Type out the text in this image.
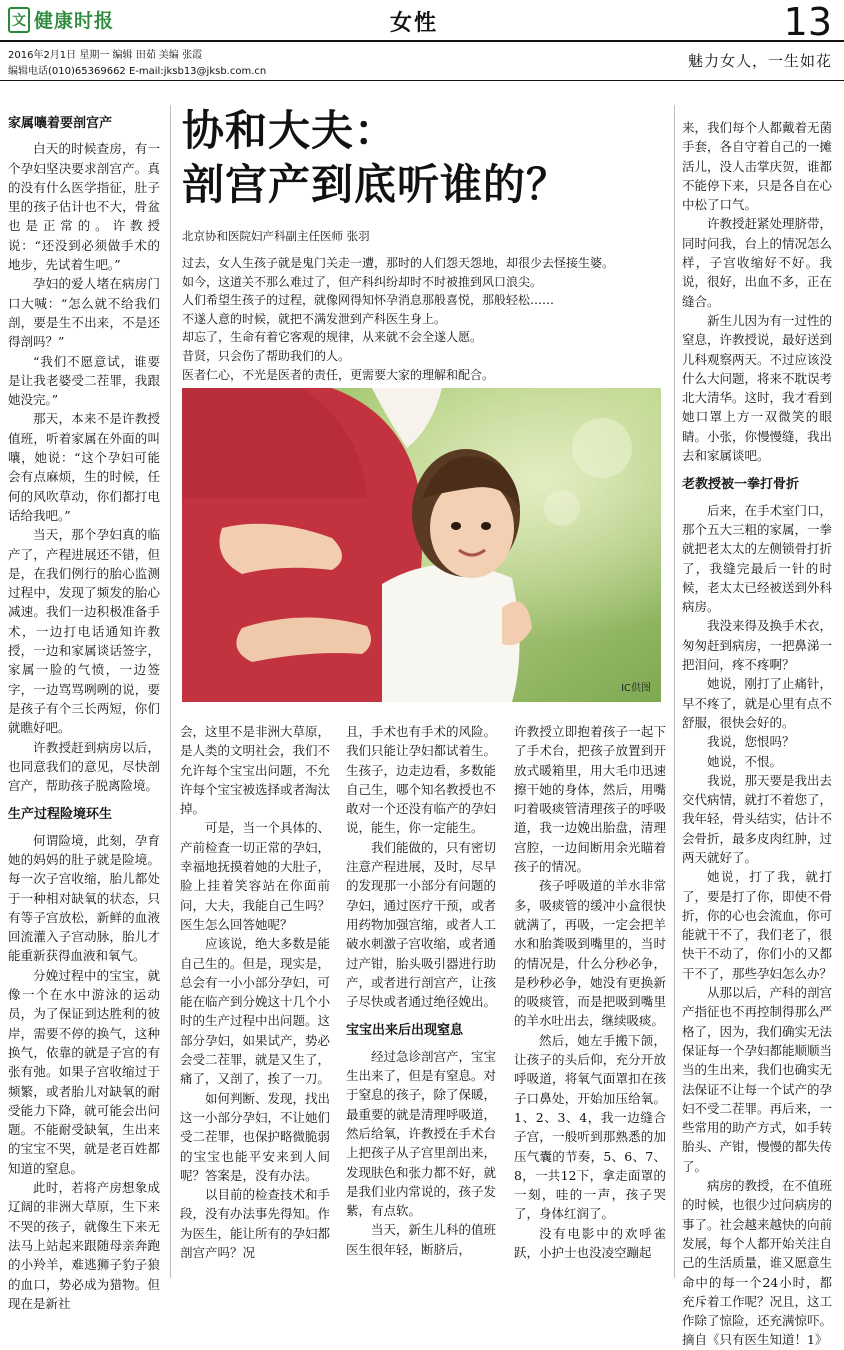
文 健康时报	女性	13
2016年2月1日 星期一 编辑 田茹 美编 张霞
编辑电话(010)65369662 E-mail:jksb13@jksb.com.cn
魅力女人，一生如花
家属嚷着要剖宫产

白天的时候查房，有一个孕妇坚决要求剖宫产。真的没有什么医学指征，肚子里的孩子估计也不大，骨盆也是正常的。许教授说：“还没到必须做手术的地步，先试着生吧。”

孕妇的爱人堵在病房门口大喊：“怎么就不给我们剖，要是生不出来，不是还得剖吗？”

“我们不愿意试，谁要是让我老婆受二茬罪，我跟她没完。”

那天，本来不是许教授值班，听着家属在外面的叫嚷，她说：“这个孕妇可能会有点麻烦，生的时候，任何的风吹草动，你们都打电话给我吧。”

当天，那个孕妇真的临产了，产程进展还不错，但是，在我们例行的胎心监测过程中，发现了频发的胎心减速。我们一边积极准备手术，一边打电话通知许教授，一边和家属谈话签字，家属一脸的气愤，一边签字，一边骂骂咧咧的说，要是孩子有个三长两短，你们就瞧好吧。

许教授赶到病房以后，也同意我们的意见，尽快剖宫产，帮助孩子脱离险境。

生产过程险境环生

何谓险境，此刻，孕育她的妈妈的肚子就是险境。每一次子宫收缩，胎儿都处于一种相对缺氧的状态，只有等子宫放松，新鲜的血液回流灌入子宫动脉，胎儿才能重新获得血液和氧气。

分娩过程中的宝宝，就像一个在水中游泳的运动员，为了保证到达胜利的彼岸，需要不停的换气，这种换气，依靠的就是子宫的有张有弛。如果子宫收缩过于频繁，或者胎儿对缺氧的耐受能力下降，就可能会出问题。不能耐受缺氧，生出来的宝宝不哭，就是老百姓都知道的窒息。

此时，若将产房想象成辽阔的非洲大草原，生下来不哭的孩子，就像生下来无法马上站起来跟随母亲奔跑的小羚羊，难逃狮子豹子狼的血口，势必成为猎物。但现在是新社

协和大夫：
剖宫产到底听谁的？
北京协和医院妇产科副主任医师 张羽
过去，女人生孩子就是鬼门关走一遭，那时的人们怨天怨地，却很少去怪接生婆。
如今，这道关不那么难过了，但产科纠纷却时不时被推到风口浪尖。
人们希望生孩子的过程，就像网得知怀孕消息那般喜悦，那般轻松……
不遂人意的时候，就把不满发泄到产科医生身上。
却忘了，生命有着它客观的规律，从来就不会全遂人愿。
昔贤，只会伤了帮助我们的人。
医者仁心，不光是医者的责任，更需要大家的理解和配合。
IC供图

会，这里不是非洲大草原，是人类的文明社会，我们不允许每个宝宝出问题，不允许每个宝宝被选择或者淘汰掉。

可是，当一个具体的、产前检查一切正常的孕妇，幸福地抚摸着她的大肚子，脸上挂着笑容站在你面前问，大夫，我能自己生吗？医生怎么回答她呢？

应该说，绝大多数是能自己生的。但是，现实是，总会有一小小部分孕妇，可能在临产到分娩这十几个小时的生产过程中出问题。这部分孕妇，如果试产，势必会受二茬罪，就是又生了，痛了，又剖了，挨了一刀。

如何判断、发现，找出这一小部分孕妇，不让她们受二茬罪，也保护略微脆弱的宝宝也能平安来到人间呢？答案是，没有办法。

以目前的检查技术和手段，没有办法事先得知。作为医生，能让所有的孕妇都剖宫产吗？况

且，手术也有手术的风险。我们只能让孕妇都试着生。生孩子，边走边看，多数能自己生，哪个知名教授也不敢对一个还没有临产的孕妇说，能生，你一定能生。

我们能做的，只有密切注意产程进展，及时，尽早的发现那一小部分有问题的孕妇，通过医疗干预，或者用药物加强宫缩，或者人工破水刺激子宫收缩，或者通过产钳，胎头吸引器进行助产，或者进行剖宫产，让孩子尽快或者通过绝径娩出。

宝宝出来后出现窒息

经过急诊剖宫产，宝宝生出来了，但是有窒息。对于窒息的孩子，除了保暖，最重要的就是清理呼吸道，然后给氧，许教授在手术台上把孩子从子宫里剖出来，发现肤色和张力都不好，就是我们业内常说的，孩子发紫，有点软。

当天，新生儿科的值班医生很年轻，断脐后，

许教授立即抱着孩子一起下了手术台，把孩子放置到开放式暖箱里，用大毛巾迅速擦干她的身体，然后，用嘴叼着吸痰管清理孩子的呼吸道，我一边娩出胎盘，清理宫腔，一边间断用余光瞄着孩子的情况。

孩子呼吸道的羊水非常多，吸痰管的缓冲小盒很快就满了，再吸，一定会把羊水和胎粪吸到嘴里的，当时的情况是，什么分秒必争，是秒秒必争，她没有更换新的吸痰管，而是把吸到嘴里的羊水吐出去，继续吸痰。

然后，她左手搬下颌，让孩子的头后仰，充分开放呼吸道，将氧气面罩扣在孩子口鼻处，开始加压给氧。1、2、3、4，我一边缝合子宫，一般听到那熟悉的加压气囊的节奏，5、6、7、8，一共12下，拿走面罩的一刻，哇的一声，孩子哭了，身体红润了。

没有电影中的欢呼雀跃，小护士也没凌空蹦起

来，我们每个人都戴着无菌手套，各自守着自己的一摊活儿，没人击掌庆贺，谁都不能停下来，只是各自在心中松了口气。

许教授赶紧处理脐带，同时问我，台上的情况怎么样，子宫收缩好不好。我说，很好，出血不多，正在缝合。

新生儿因为有一过性的窒息，许教授说，最好送到儿科观察两天。不过应该没什么大问题，将来不耽误考北大清华。这时，我才看到她口罩上方一双微笑的眼睛。小张，你慢慢缝，我出去和家属谈吧。

老教授被一拳打骨折

后来，在手术室门口，那个五大三粗的家属，一拳就把老太太的左侧锁骨打折了，我缝完最后一针的时候，老太太已经被送到外科病房。

我没来得及换手术衣，匆匆赶到病房，一把鼻涕一把泪问，疼不疼啊？

她说，刚打了止痛针，早不疼了，就是心里有点不舒服，很快会好的。

我说，您恨吗？

她说，不恨。

我说，那天要是我出去交代病情，就打不着您了，我年轻，骨头结实，估计不会骨折，最多皮肉红肿，过两天就好了。

她说，打了我，就打了，要是打了你，即使不骨折，你的心也会流血，你可能就干不了，我们老了，很快干不动了，你们小的又都干不了，那些孕妇怎么办？

从那以后，产科的剖宫产指征也不再控制得那么严格了，因为，我们确实无法保证每一个孕妇都能顺顺当当的生出来，我们也确实无法保证不让每一个试产的孕妇不受二茬罪。再后来，一些常用的助产方式，如手转胎头、产钳，慢慢的都失传了。

病房的教授，在不值班的时候，也很少过问病房的事了。社会越来越快的向前发展，每个人都开始关注自己的生活质量，谁又愿意生命中的每一个24小时，都充斥着工作呢？况且，这工作除了惊险，还充满惊吓。摘自《只有医生知道！1》
